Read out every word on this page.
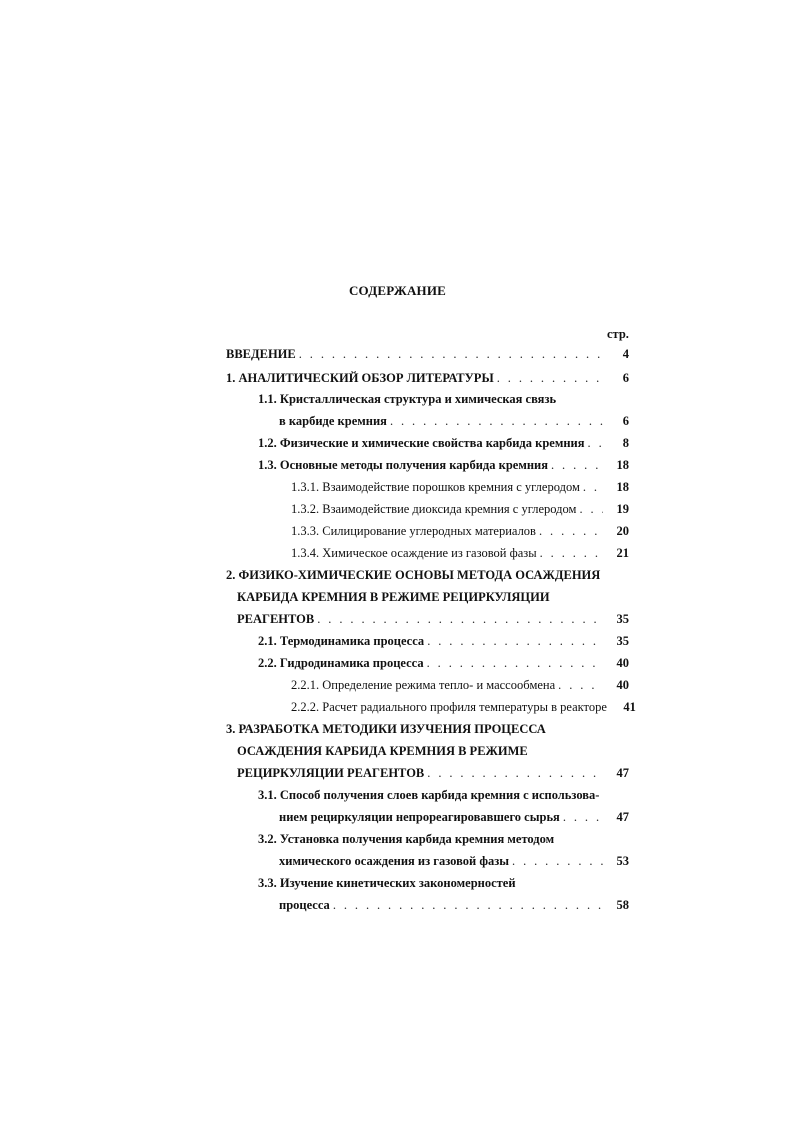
СОДЕРЖАНИЕ
стр.
ВВЕДЕНИЕ . . .	4
1. АНАЛИТИЧЕСКИЙ ОБЗОР ЛИТЕРАТУРЫ . . .	6
1.1. Кристаллическая структура и химическая связь
в карбиде кремния . . .	6
1.2. Физические и химические свойства карбида кремния . . .	8
1.3. Основные методы получения карбида кремния . . .	18
1.3.1. Взаимодействие порошков кремния с углеродом . . .	18
1.3.2. Взаимодействие диоксида кремния с углеродом . . .	19
1.3.3. Силицирование углеродных материалов . . .	20
1.3.4. Химическое осаждение из газовой фазы . . .	21
2. ФИЗИКО-ХИМИЧЕСКИЕ ОСНОВЫ МЕТОДА ОСАЖДЕНИЯ
КАРБИДА КРЕМНИЯ В РЕЖИМЕ РЕЦИРКУЛЯЦИИ
РЕАГЕНТОВ . . .	35
2.1. Термодинамика процесса . . .	35
2.2. Гидродинамика процесса . . .	40
2.2.1. Определение режима тепло- и массообмена . . .	40
2.2.2. Расчет радиального профиля температуры в реакторе . . .	41
3. РАЗРАБОТКА МЕТОДИКИ ИЗУЧЕНИЯ ПРОЦЕССА
ОСАЖДЕНИЯ КАРБИДА КРЕМНИЯ В РЕЖИМЕ
РЕЦИРКУЛЯЦИИ РЕАГЕНТОВ . . .	47
3.1. Способ получения слоев карбида кремния с использова-
нием рециркуляции непрореагировавшего сырья . . .	47
3.2. Установка получения карбида кремния методом
химического осаждения из газовой фазы . . .	53
3.3. Изучение кинетических закономерностей
процесса . . .	58
